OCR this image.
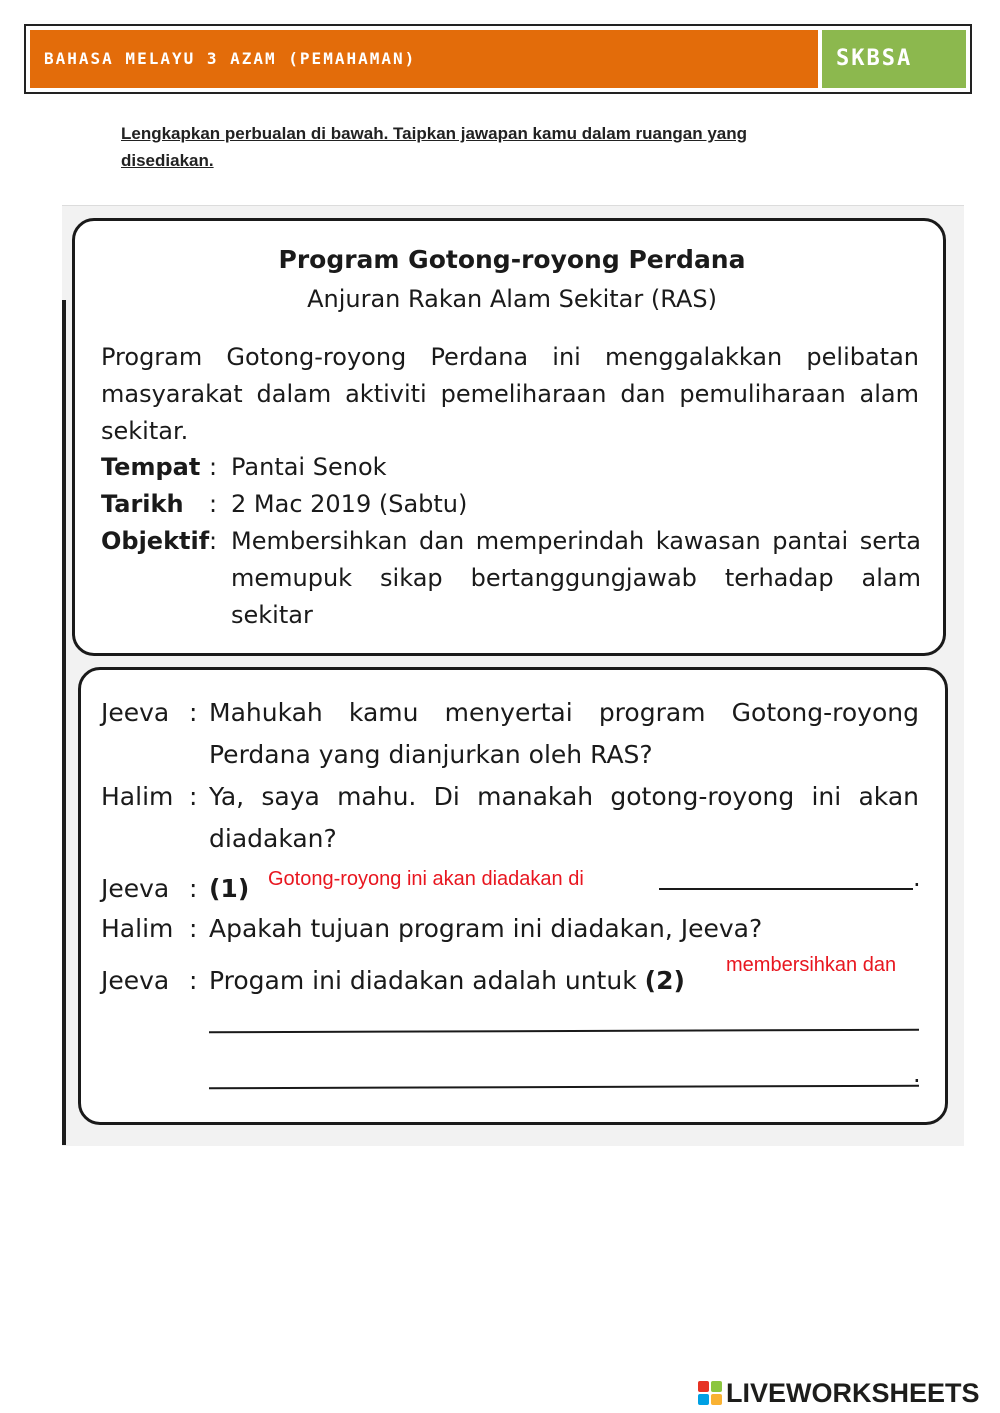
BAHASA MELAYU 3 AZAM (PEMAHAMAN)	SKBSA
Lengkapkan perbualan di bawah. Taipkan jawapan kamu dalam ruangan yang disediakan.
Program Gotong-royong Perdana
Anjuran Rakan Alam Sekitar (RAS)
Program Gotong-royong Perdana ini menggalakkan pelibatan masyarakat dalam aktiviti pemeliharaan dan pemuliharaan alam sekitar.
Tempat : Pantai Senok
Tarikh : 2 Mac 2019 (Sabtu)
Objektif : Membersihkan dan memperindah kawasan pantai serta memupuk sikap bertanggungjawab terhadap alam sekitar
Jeeva : Mahukah kamu menyertai program Gotong-royong Perdana yang dianjurkan oleh RAS?
Halim : Ya, saya mahu. Di manakah gotong-royong ini akan diadakan?
Jeeva : (1)
Halim : Apakah tujuan program ini diadakan, Jeeva?
Jeeva : Progam ini diadakan adalah untuk (2)
.
.
Gotong-royong ini akan diadakan di
membersihkan dan
LIVEWORKSHEETS
